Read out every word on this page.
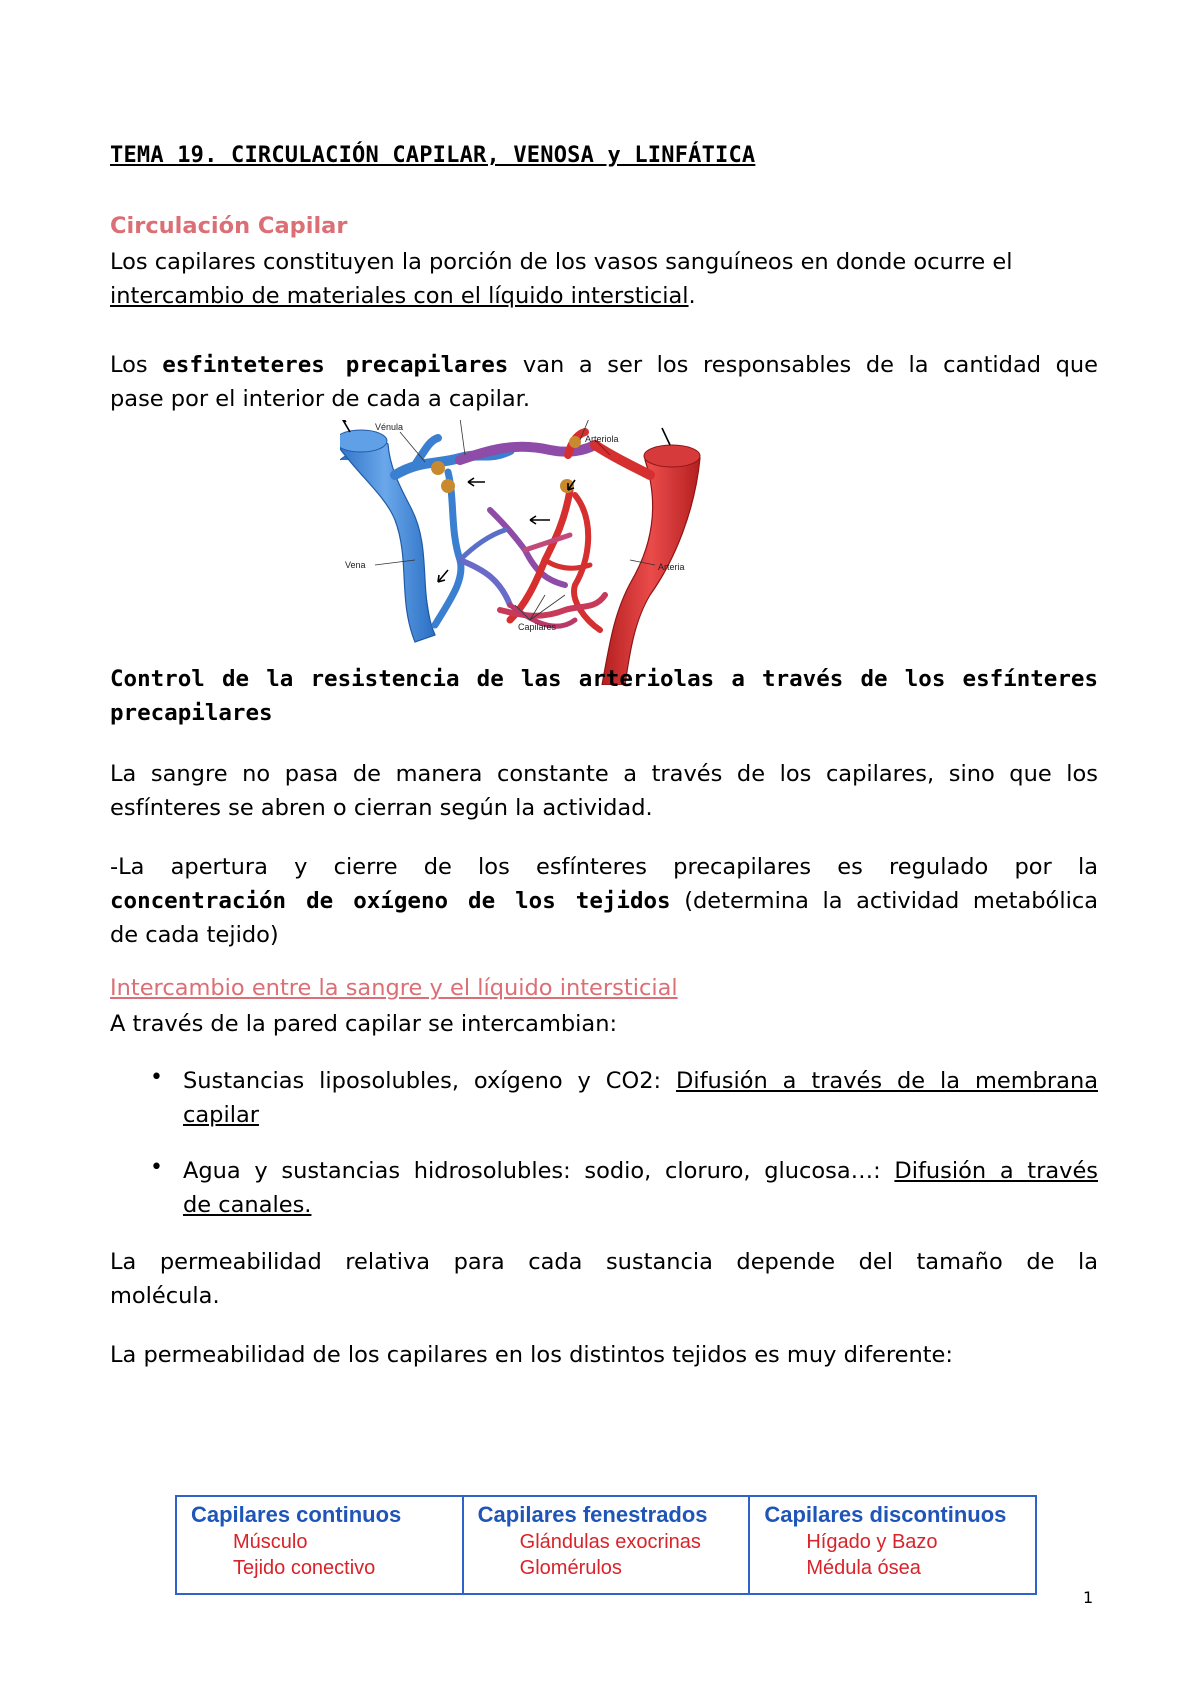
TEMA 19. CIRCULACIÓN CAPILAR, VENOSA y LINFÁTICA
Circulación Capilar
Los capilares constituyen la porción de los vasos sanguíneos en donde ocurre el
intercambio de materiales con el líquido intersticial.
Los esfinteteres precapilares van a ser los responsables de la cantidad que
pase por el interior de cada a capilar.
Vénula
Arteriola
Vena	Arteria
Capilares
Control de la resistencia de las arteriolas a través de los esfínteres
precapilares
La sangre no pasa de manera constante a través de los capilares, sino que los
esfínteres se abren o cierran según la actividad.
-La apertura y cierre de los esfínteres precapilares es regulado por la
concentración de oxígeno de los tejidos (determina la actividad metabólica
de cada tejido)
Intercambio entre la sangre y el líquido intersticial
A través de la pared capilar se intercambian:
• Sustancias liposolubles, oxígeno y CO2: Difusión a través de la membrana
capilar
• Agua y sustancias hidrosolubles: sodio, cloruro, glucosa…: Difusión a través
de canales.
La permeabilidad relativa para cada sustancia depende del tamaño de la
molécula.
La permeabilidad de los capilares en los distintos tejidos es muy diferente:
Capilares continuos
Músculo
Tejido conectivo
Capilares fenestrados
Glándulas exocrinas
Glomérulos
Capilares discontinuos
Hígado y Bazo
Médula ósea
1
